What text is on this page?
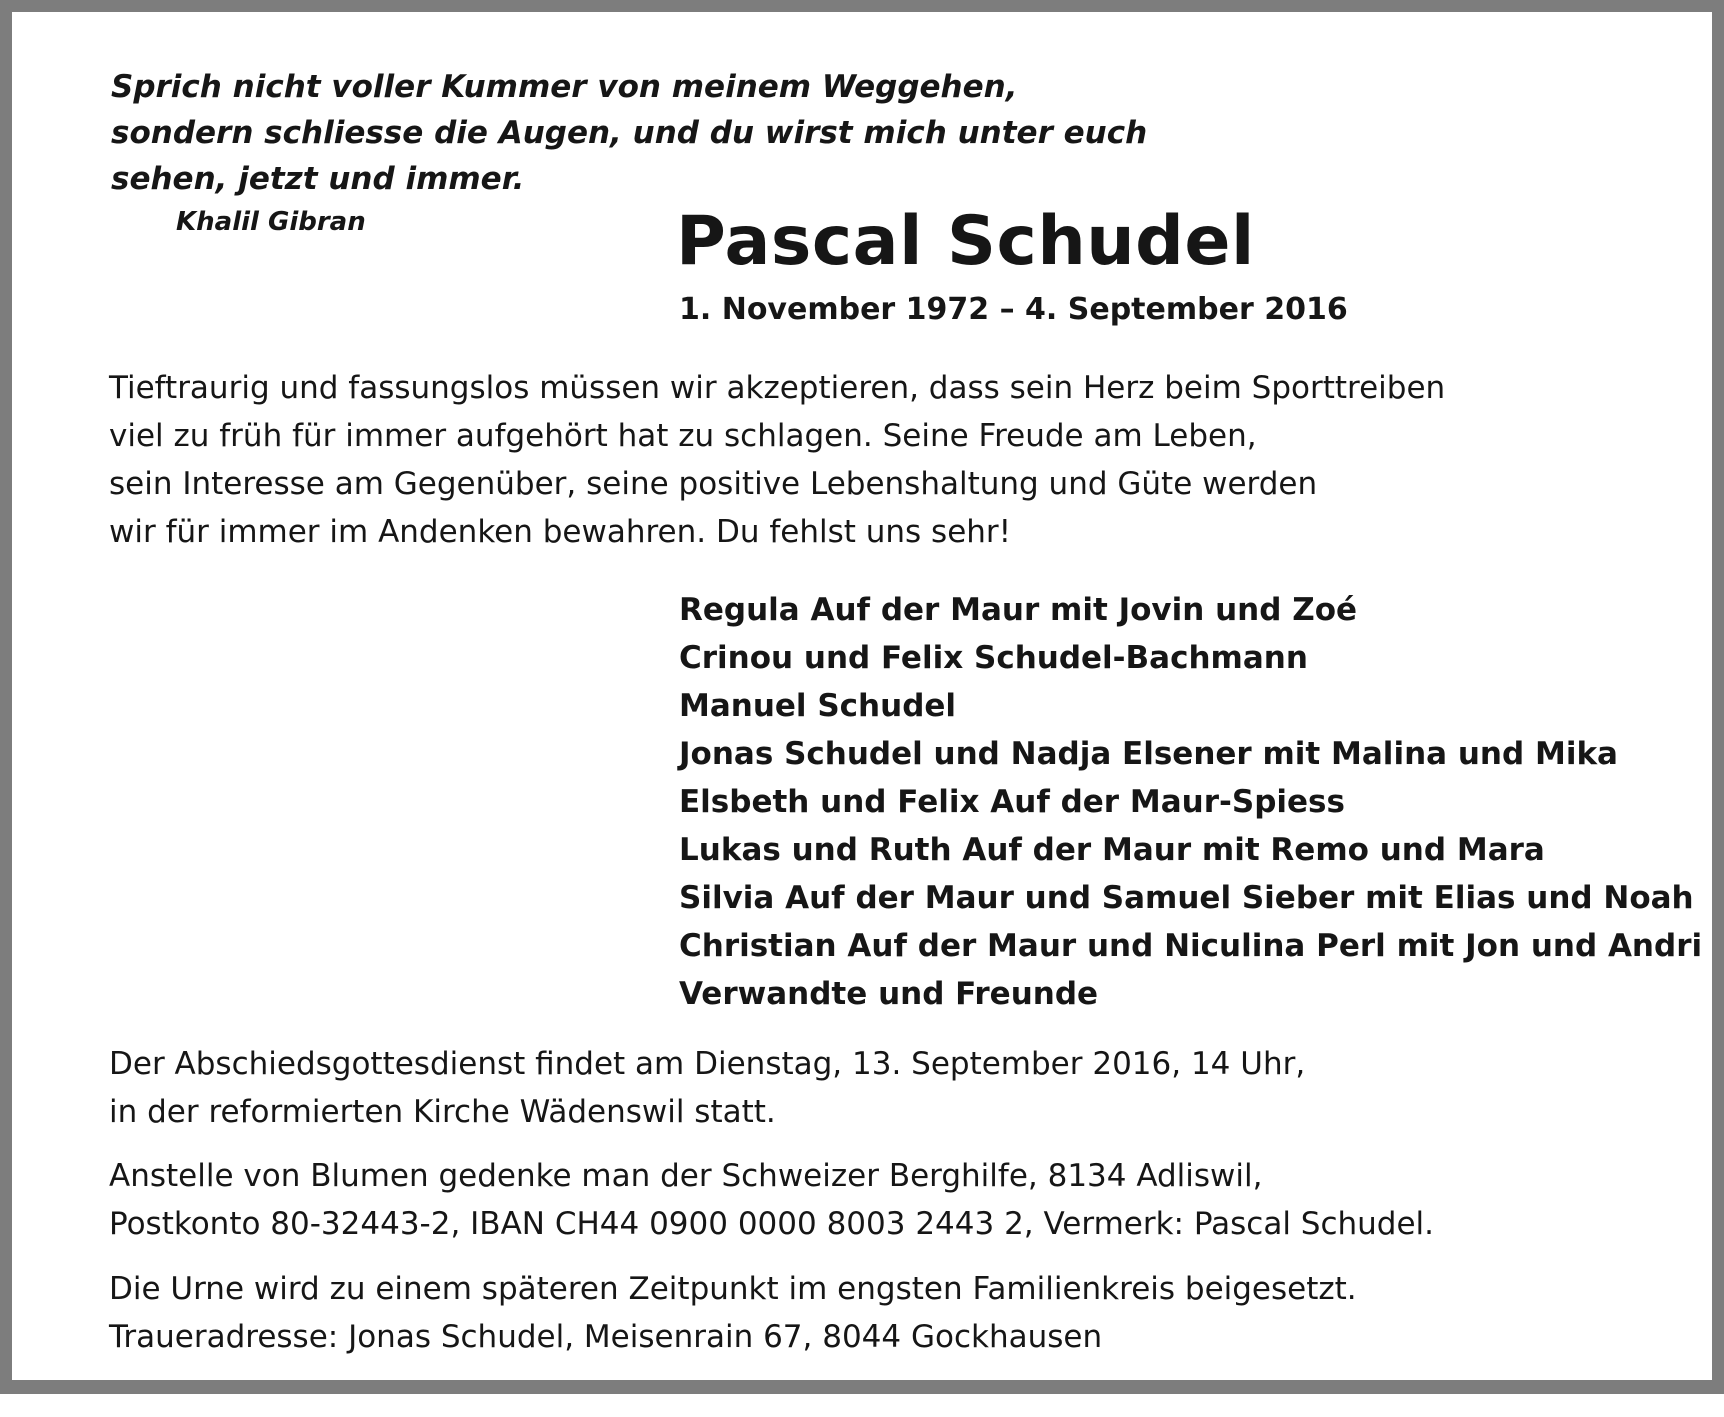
Sprich nicht voller Kummer von meinem Weggehen,
sondern schliesse die Augen, und du wirst mich unter euch
sehen, jetzt und immer.

Khalil Gibran	Pascal Schudel

1. November 1972 – 4. September 2016

Tieftraurig und fassungslos müssen wir akzeptieren, dass sein Herz beim Sporttreiben
viel zu früh für immer aufgehört hat zu schlagen. Seine Freude am Leben,
sein Interesse am Gegenüber, seine positive Lebenshaltung und Güte werden
wir für immer im Andenken bewahren. Du fehlst uns sehr!

Regula Auf der Maur mit Jovin und Zoé
Crinou und Felix Schudel-Bachmann
Manuel Schudel
Jonas Schudel und Nadja Elsener mit Malina und Mika
Elsbeth und Felix Auf der Maur-Spiess
Lukas und Ruth Auf der Maur mit Remo und Mara
Silvia Auf der Maur und Samuel Sieber mit Elias und Noah
Christian Auf der Maur und Niculina Perl mit Jon und Andri
Verwandte und Freunde

Der Abschiedsgottesdienst findet am Dienstag, 13. September 2016, 14 Uhr,
in der reformierten Kirche Wädenswil statt.

Anstelle von Blumen gedenke man der Schweizer Berghilfe, 8134 Adliswil,
Postkonto 80-32443-2, IBAN CH44 0900 0000 8003 2443 2, Vermerk: Pascal Schudel.

Die Urne wird zu einem späteren Zeitpunkt im engsten Familienkreis beigesetzt.
Traueradresse: Jonas Schudel, Meisenrain 67, 8044 Gockhausen
